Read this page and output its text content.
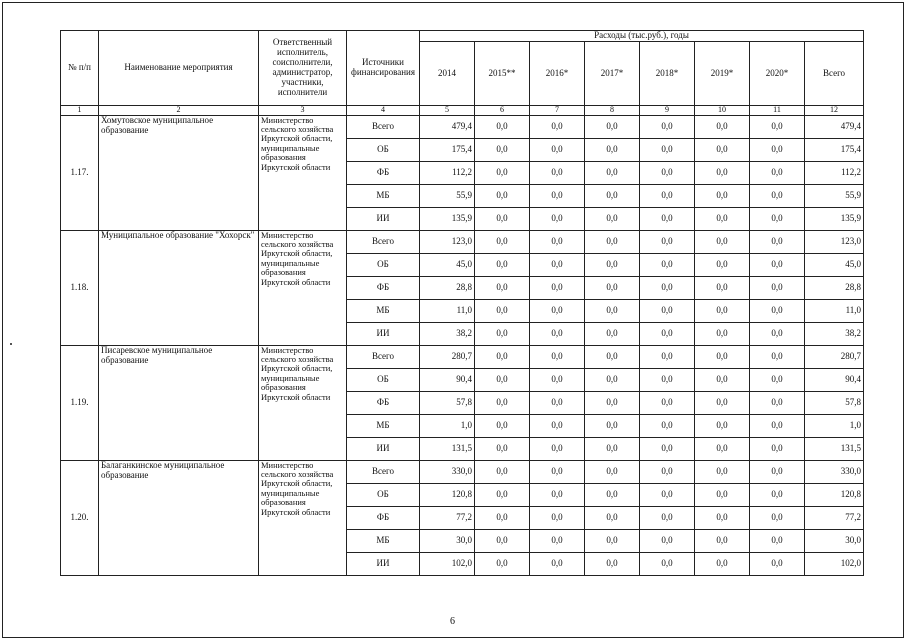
№ п/п	Наименование мероприятия	Ответственный исполнитель, соисполнители, администратор, участники, исполнители	Источники финансирования	Расходы (тыс.руб.), годы							
				2014	2015**	2016*	2017*	2018*	2019*	2020*	Всего
1	2	3	4	5	6	7	8	9	10	11	12
1.17.	Хомутовское муниципальное образование	Министерство сельского хозяйства Иркутской области, муниципальные образования Иркутской области	Всего	479,4	0,0	0,0	0,0	0,0	0,0	0,0	479,4
			ОБ	175,4	0,0	0,0	0,0	0,0	0,0	0,0	175,4
			ФБ	112,2	0,0	0,0	0,0	0,0	0,0	0,0	112,2
			МБ	55,9	0,0	0,0	0,0	0,0	0,0	0,0	55,9
			ИИ	135,9	0,0	0,0	0,0	0,0	0,0	0,0	135,9
1.18.	Муниципальное образование "Хохорск"	Министерство сельского хозяйства Иркутской области, муниципальные образования Иркутской области	Всего	123,0	0,0	0,0	0,0	0,0	0,0	0,0	123,0
			ОБ	45,0	0,0	0,0	0,0	0,0	0,0	0,0	45,0
			ФБ	28,8	0,0	0,0	0,0	0,0	0,0	0,0	28,8
			МБ	11,0	0,0	0,0	0,0	0,0	0,0	0,0	11,0
			ИИ	38,2	0,0	0,0	0,0	0,0	0,0	0,0	38,2
1.19.	Писаревское муниципальное образование	Министерство сельского хозяйства Иркутской области, муниципальные образования Иркутской области	Всего	280,7	0,0	0,0	0,0	0,0	0,0	0,0	280,7
			ОБ	90,4	0,0	0,0	0,0	0,0	0,0	0,0	90,4
			ФБ	57,8	0,0	0,0	0,0	0,0	0,0	0,0	57,8
			МБ	1,0	0,0	0,0	0,0	0,0	0,0	0,0	1,0
			ИИ	131,5	0,0	0,0	0,0	0,0	0,0	0,0	131,5
1.20.	Балаганкинское муниципальное образование	Министерство сельского хозяйства Иркутской области, муниципальные образования Иркутской области	Всего	330,0	0,0	0,0	0,0	0,0	0,0	0,0	330,0
			ОБ	120,8	0,0	0,0	0,0	0,0	0,0	0,0	120,8
			ФБ	77,2	0,0	0,0	0,0	0,0	0,0	0,0	77,2
			МБ	30,0	0,0	0,0	0,0	0,0	0,0	0,0	30,0
			ИИ	102,0	0,0	0,0	0,0	0,0	0,0	0,0	102,0
6
